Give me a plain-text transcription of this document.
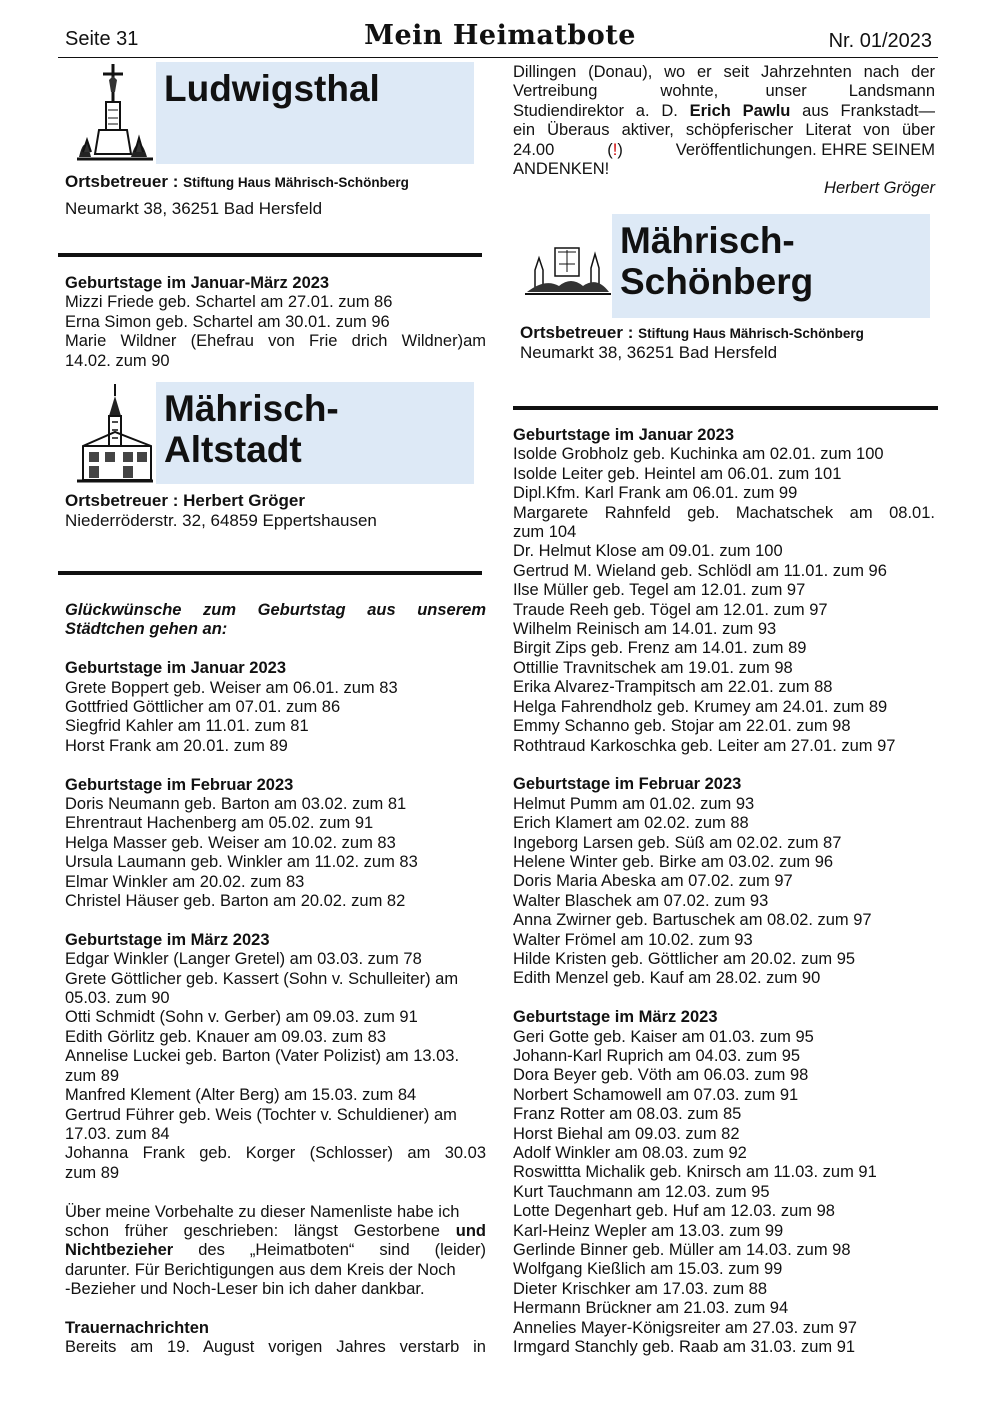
Seite 31	Mein Heimatbote	Nr. 01/2023
Ludwigsthal
Ortsbetreuer : Stiftung Haus Mährisch-Schönberg
Neumarkt 38, 36251 Bad Hersfeld
Geburtstage im Januar-März 2023
Mizzi Friede geb. Schartel am 27.01. zum 86
Erna Simon geb. Schartel am 30.01. zum 96
Marie Wildner (Ehefrau von Frie drich Wildner)am
14.02. zum 90
Mährisch-
Altstadt
Ortsbetreuer : Herbert Gröger
Niederröderstr. 32, 64859 Eppertshausen
Glückwünsche zum Geburtstag aus unserem
Städtchen gehen an:
Geburtstage im Januar 2023
Grete Boppert geb. Weiser am 06.01. zum 83
Gottfried Göttlicher am 07.01. zum 86
Siegfrid Kahler am 11.01. zum 81
Horst Frank am 20.01. zum 89
Geburtstage im Februar 2023
Doris Neumann geb. Barton am 03.02. zum 81
Ehrentraut Hachenberg am 05.02. zum 91
Helga Masser geb. Weiser am 10.02. zum 83
Ursula Laumann geb. Winkler am 11.02. zum 83
Elmar Winkler am 20.02. zum 83
Christel Häuser geb. Barton am 20.02. zum 82
Geburtstage im März 2023
Edgar Winkler (Langer Gretel) am 03.03. zum 78
Grete Göttlicher geb. Kassert (Sohn v. Schulleiter) am
05.03. zum 90
Otti Schmidt (Sohn v. Gerber) am 09.03. zum 91
Edith Görlitz geb. Knauer am 09.03. zum 83
Annelise Luckei geb. Barton (Vater Polizist) am 13.03.
zum 89
Manfred Klement (Alter Berg) am 15.03. zum 84
Gertrud Führer geb. Weis (Tochter v. Schuldiener) am
17.03. zum 84
Johanna Frank geb. Korger (Schlosser) am 30.03
zum 89
Über meine Vorbehalte zu dieser Namenliste habe ich
schon früher geschrieben: längst Gestorbene und
Nichtbezieher des „Heimatboten“ sind (leider)
darunter. Für Berichtigungen aus dem Kreis der Noch
-Bezieher und Noch-Leser bin ich daher dankbar.
Trauernachrichten
Bereits am 19. August vorigen Jahres verstarb in
Dillingen (Donau), wo er seit Jahrzehnten nach der
Vertreibung            wohnte,         unser        Landsmann
Studiendirektor a. D. Erich Pawlu aus Frankstadt—
ein Überaus aktiver, schöpferischer Literat von über
24.00	(!)	Veröffentlichungen. EHRE SEINEM
ANDENKEN!
Herbert Gröger
Mährisch-
Schönberg
Ortsbetreuer : Stiftung Haus Mährisch-Schönberg
Neumarkt 38, 36251 Bad Hersfeld
Geburtstage im Januar 2023
Isolde Grobholz geb. Kuchinka am 02.01. zum 100
Isolde Leiter geb. Heintel am 06.01. zum 101
Dipl.Kfm. Karl Frank am 06.01. zum 99
Margarete Rahnfeld geb. Machatschek am 08.01.
zum 104
Dr. Helmut Klose am 09.01. zum 100
Gertrud M. Wieland geb. Schlödl am 11.01. zum 96
Ilse Müller geb. Tegel am 12.01. zum 97
Traude Reeh geb. Tögel am 12.01. zum 97
Wilhelm Reinisch am 14.01. zum 93
Birgit Zips geb. Frenz am 14.01. zum 89
Ottillie Travnitschek am 19.01. zum 98
Erika Alvarez-Trampitsch am 22.01. zum 88
Helga Fahrendholz geb. Krumey am 24.01. zum 89
Emmy Schanno geb. Stojar am 22.01. zum 98
Rothtraud Karkoschka geb. Leiter am 27.01. zum 97
Geburtstage im Februar 2023
Helmut Pumm am 01.02. zum 93
Erich Klamert am 02.02. zum 88
Ingeborg Larsen geb. Süß am 02.02. zum 87
Helene Winter geb. Birke am 03.02. zum 96
Doris Maria Abeska am 07.02. zum 97
Walter Blaschek am 07.02. zum 93
Anna Zwirner geb. Bartuschek am 08.02. zum 97
Walter Frömel am 10.02. zum 93
Hilde Kristen geb. Göttlicher am 20.02. zum 95
Edith Menzel geb. Kauf am 28.02. zum 90
Geburtstage im März 2023
Geri Gotte geb. Kaiser am 01.03. zum 95
Johann-Karl Ruprich am 04.03. zum 95
Dora Beyer geb. Vöth am 06.03. zum 98
Norbert Schamowell am 07.03. zum 91
Franz Rotter am 08.03. zum 85
Horst Biehal am 09.03. zum 82
Adolf Winkler am 08.03. zum 92
Roswittta Michalik geb. Knirsch am 11.03. zum 91
Kurt Tauchmann am 12.03. zum 95
Lotte Degenhart geb. Huf am 12.03. zum 98
Karl-Heinz Wepler am 13.03. zum 99
Gerlinde Binner geb. Müller am 14.03. zum 98
Wolfgang Kießlich am 15.03. zum 99
Dieter Krischker am 17.03. zum 88
Hermann Brückner am 21.03. zum 94
Annelies Mayer-Königsreiter am 27.03. zum 97
Irmgard Stanchly geb. Raab am 31.03. zum 91
